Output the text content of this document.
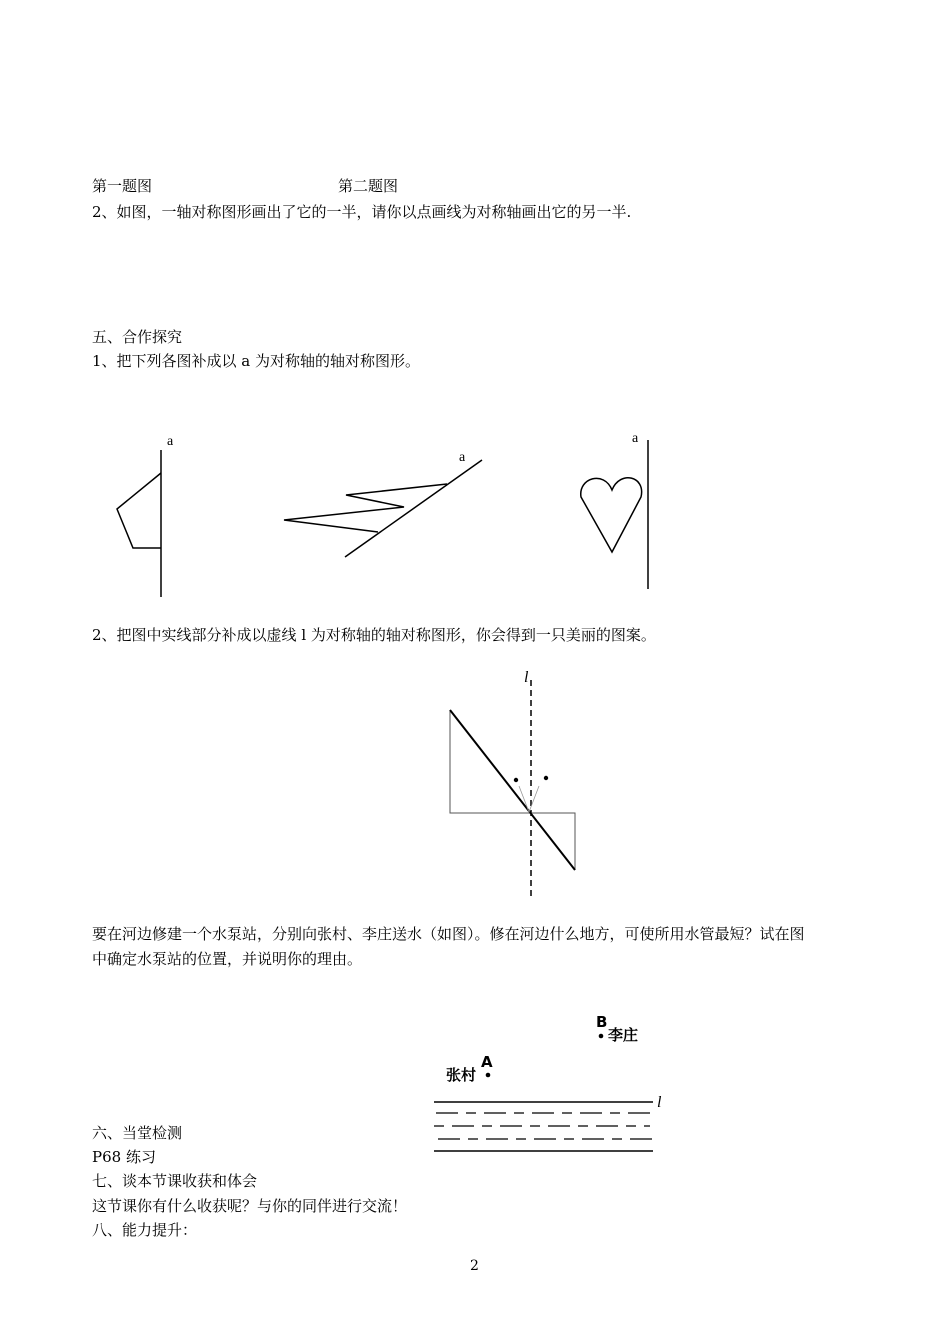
第一题图	第二题图
2、如图，一轴对称图形画出了它的一半，请你以点画线为对称轴画出它的另一半.
五、合作探究
1、把下列各图补成以 a 为对称轴的轴对称图形。
a
a
a
2、把图中实线部分补成以虚线 l 为对称轴的轴对称图形，你会得到一只美丽的图案。
l
要在河边修建一个水泵站，分别向张村、李庄送水（如图）。修在河边什么地方，可使所用水管最短？试在图
中确定水泵站的位置，并说明你的理由。
B
李庄
A
张村
l
六、当堂检测
P68 练习
七、谈本节课收获和体会
这节课你有什么收获呢？与你的同伴进行交流！
八、能力提升：
2
